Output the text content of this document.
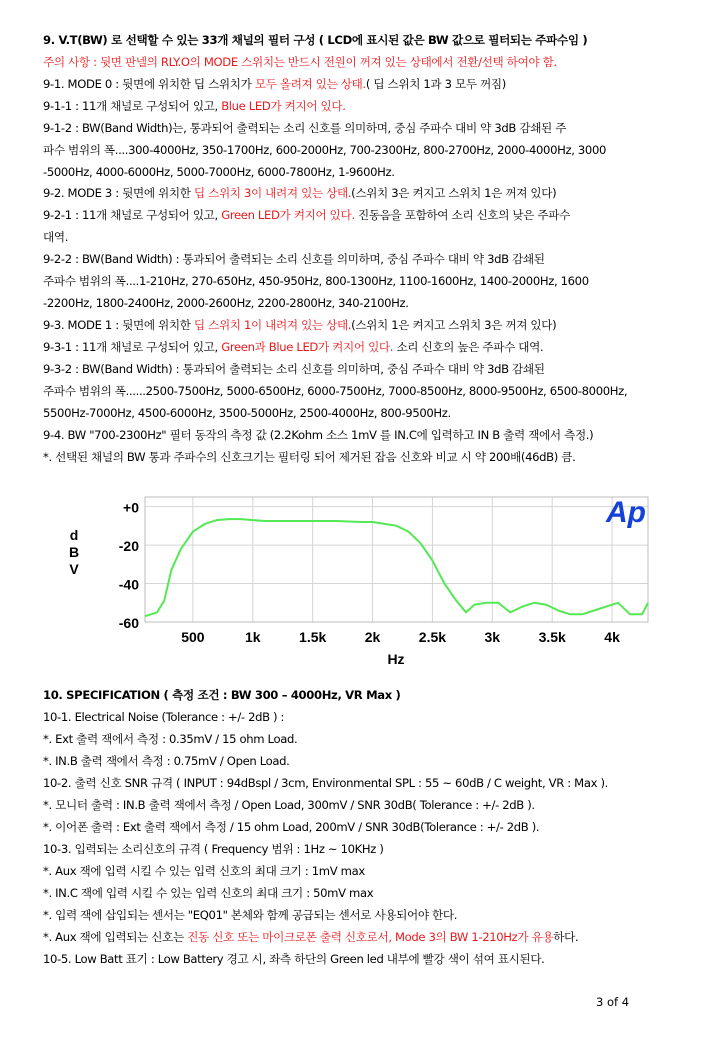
9. V.T(BW) 로 선택할 수 있는 33개 채널의 필터 구성 ( LCD에 표시된 값은 BW 값으로 필터되는 주파수임 )
주의 사항 : 뒷면 판넬의 RLY.O의 MODE 스위치는 반드시 전원이 꺼져 있는 상태에서 전환/선택 하여야 함.
9-1. MODE 0 : 뒷면에 위치한 딥 스위치가 모두 올려져 있는 상태.( 딥 스위치 1과 3 모두 꺼짐)
9-1-1 : 11개 채널로 구성되어 있고, Blue LED가 켜지어 있다.
9-1-2 : BW(Band Width)는, 통과되어 출력되는 소리 신호를 의미하며, 중심 주파수 대비 약 3dB 감쇄된 주
파수 범위의 폭....300-4000Hz, 350-1700Hz, 600-2000Hz, 700-2300Hz, 800-2700Hz, 2000-4000Hz, 3000
-5000Hz, 4000-6000Hz, 5000-7000Hz, 6000-7800Hz, 1-9600Hz.
9-2. MODE 3 : 뒷면에 위치한 딥 스위치 3이 내려져 있는 상태.(스위치 3은 켜지고 스위치 1은 꺼져 있다)
9-2-1 : 11개 채널로 구성되어 있고, Green LED가 켜지어 있다. 진동음을 포함하여 소리 신호의 낮은 주파수
대역.
9-2-2 : BW(Band Width) : 통과되어 출력되는 소리 신호를 의미하며, 중심 주파수 대비 약 3dB 감쇄된
주파수 범위의 폭....1-210Hz, 270-650Hz, 450-950Hz, 800-1300Hz, 1100-1600Hz, 1400-2000Hz, 1600
-2200Hz, 1800-2400Hz, 2000-2600Hz, 2200-2800Hz, 340-2100Hz.
9-3. MODE 1 : 뒷면에 위치한 딥 스위치 1이 내려져 있는 상태.(스위치 1은 켜지고 스위치 3은 꺼져 있다)
9-3-1 : 11개 채널로 구성되어 있고, Green과 Blue LED가 켜지어 있다. 소리 신호의 높은 주파수 대역.
9-3-2 : BW(Band Width) : 통과되어 출력되는 소리 신호를 의미하며, 중심 주파수 대비 약 3dB 감쇄된
주파수 범위의 폭......2500-7500Hz, 5000-6500Hz, 6000-7500Hz, 7000-8500Hz, 8000-9500Hz, 6500-8000Hz,
5500Hz-7000Hz, 4500-6000Hz, 3500-5000Hz, 2500-4000Hz, 800-9500Hz.
9-4. BW "700-2300Hz" 필터 동작의 측정 값 (2.2Kohm 소스 1mV 를 IN.C에 입력하고 IN B 출력 잭에서 측정.)
*. 선택된 채널의 BW 통과 주파수의 신호크기는 필터링 되어 제거된 잡음 신호와 비교 시 약 200배(46dB) 큼.
+0
-20
-40
-60
500	1k	1.5k	2k	2.5k	3k	3.5k	4k
d
B
V
Hz
Ap
10. SPECIFICATION ( 측정 조건 : BW 300 – 4000Hz, VR Max )
10-1. Electrical Noise (Tolerance : +/- 2dB ) :
*. Ext 출력 잭에서 측정 : 0.35mV / 15 ohm Load.
*. IN.B 출력 잭에서 측정 : 0.75mV / Open Load.
10-2. 출력 신호 SNR 규격 ( INPUT : 94dBspl / 3cm, Environmental SPL : 55 ~ 60dB / C weight, VR : Max ).
*. 모니터 출력 : IN.B 출력 잭에서 측정 / Open Load, 300mV / SNR 30dB( Tolerance : +/- 2dB ).
*. 이어폰 출력 : Ext 출력 잭에서 측정 / 15 ohm Load, 200mV / SNR 30dB(Tolerance : +/- 2dB ).
10-3. 입력되는 소리신호의 규격 ( Frequency 범위 : 1Hz ~ 10KHz )
*. Aux 잭에 입력 시킬 수 있는 입력 신호의 최대 크기 : 1mV max
*. IN.C 잭에 입력 시킬 수 있는 입력 신호의 최대 크기 : 50mV max
*. 입력 잭에 삽입되는 센서는 "EQ01" 본체와 함께 공급되는 센서로 사용되어야 한다.
*. Aux 잭에 입력되는 신호는 진동 신호 또는 마이크로폰 출력 신호로서, Mode 3의 BW 1-210Hz가 유용하다.
10-5. Low Batt 표기 : Low Battery 경고 시, 좌측 하단의 Green led 내부에 빨강 색이 섞여 표시된다.
3 of 4
